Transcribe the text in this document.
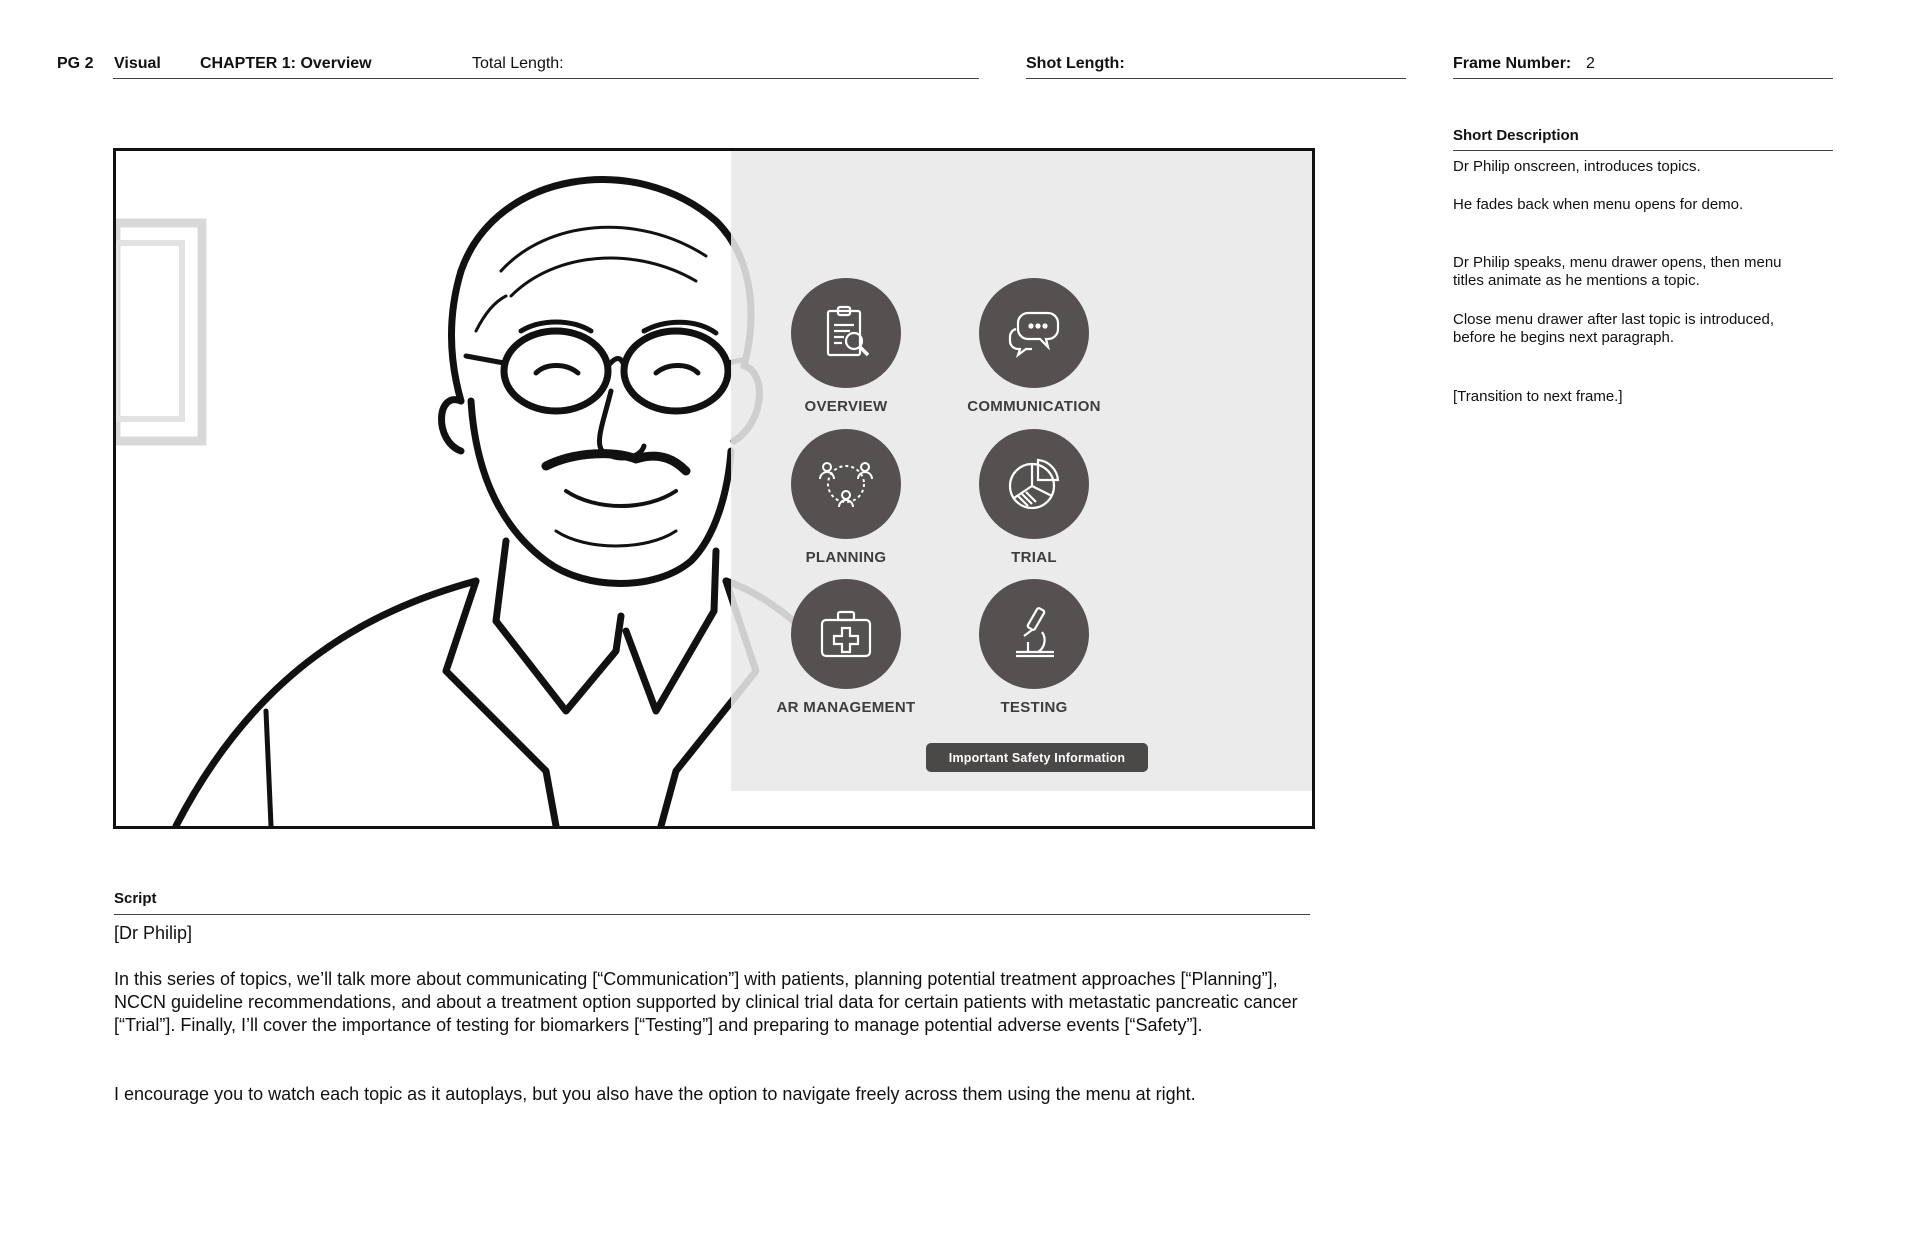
PG 2 Visual CHAPTER 1: Overview	Total Length:	Shot Length:	Frame Number: 2
OVERVIEW	COMMUNICATION
PLANNING	TRIAL
AR MANAGEMENT	TESTING
Important Safety Information
Short Description
Dr Philip onscreen, introduces topics.
He fades back when menu opens for demo.
Dr Philip speaks, menu drawer opens, then menu titles animate as he mentions a topic.
Close menu drawer after last topic is introduced, before he begins next paragraph.
[Transition to next frame.]
Script
[Dr Philip]
In this series of topics, we’ll talk more about communicating [“Communication”] with patients, planning potential treatment approaches [“Planning”], NCCN guideline recommendations, and about a treatment option supported by clinical trial data for certain patients with metastatic pancreatic cancer [“Trial”]. Finally, I’ll cover the importance of testing for biomarkers [“Testing”] and preparing to manage potential adverse events [“Safety”].
I encourage you to watch each topic as it autoplays, but you also have the option to navigate freely across them using the menu at right.
